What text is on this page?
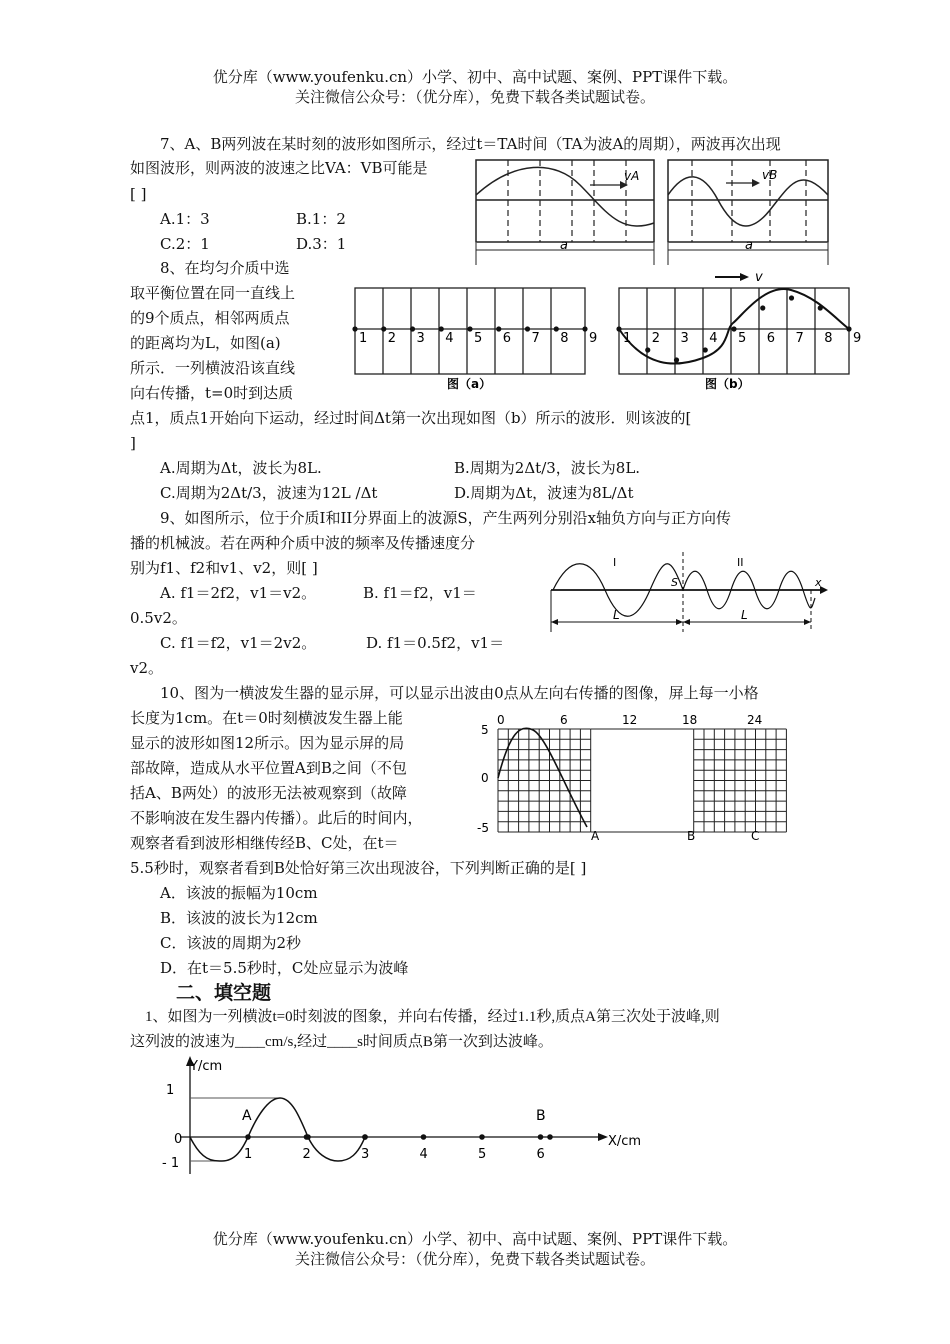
优分库（www.youfenku.cn）小学、初中、高中试题、案例、PPT课件下载。
关注微信公众号：（优分库），免费下载各类试题试卷。
7、A、B两列波在某时刻的波形如图所示，经过t＝TA时间（TA为波A的周期），两波再次出现
如图波形，则两波的波速之比VA：VB可能是
[ ]
A.1：3	B.1：2
C.2：1	D.3：1
vA
a
vB
a
8、在均匀介质中选
取平衡位置在同一直线上
的9个质点，相邻两质点
的距离均为L，如图(a)
所示．一列横波沿该直线
向右传播，t=0时到达质
点1，质点1开始向下运动，经过时间Δt第一次出现如图（b）所示的波形．则该波的[
]
A.周期为Δt，波长为8L.	B.周期为2Δt/3，波长为8L.
C.周期为2Δt/3，波速为12L /Δt	D.周期为Δt，波速为8L/Δt
1 2 3 4 5 6 7 8 9
图（a）
1 2 3 4 5 6 7 8 9
v
图（b）
9、如图所示，位于介质I和II分界面上的波源S，产生两列分别沿x轴负方向与正方向传
播的机械波。若在两种介质中波的频率及传播速度分
别为f1、f2和v1、v2，则[ ]
A. f1＝2f2，v1＝v2。	B. f1＝f2，v1＝
0.5v2。
C. f1＝f2，v1＝2v2。	D. f1＝0.5f2，v1＝
v2。
I	II
S	x
L	L
10、图为一横波发生器的显示屏，可以显示出波由0点从左向右传播的图像，屏上每一小格
长度为1cm。在t＝0时刻横波发生器上能
显示的波形如图12所示。因为显示屏的局
部故障，造成从水平位置A到B之间（不包
括A、B两处）的波形无法被观察到（故障
不影响波在发生器内传播）。此后的时间内，
观察者看到波形相继传经B、C处，在t＝
5.5秒时，观察者看到B处恰好第三次出现波谷，下列判断正确的是[ ]
A．该波的振幅为10cm
B．该波的波长为12cm
C．该波的周期为2秒
D．在t＝5.5秒时，C处应显示为波峰
0	6	12	18	24
5
0
-5
A	B	C
二、填空题
1、如图为一列横波t=0时刻波的图象，并向右传播，经过1.1秒,质点A第三次处于波峰,则
这列波的波速为____cm/s,经过____s时间质点B第一次到达波峰。
Y/cm
X/cm
1
- 1
0
A	B
1	2	3	4	5	6
优分库（www.youfenku.cn）小学、初中、高中试题、案例、PPT课件下载。
关注微信公众号：（优分库），免费下载各类试题试卷。
